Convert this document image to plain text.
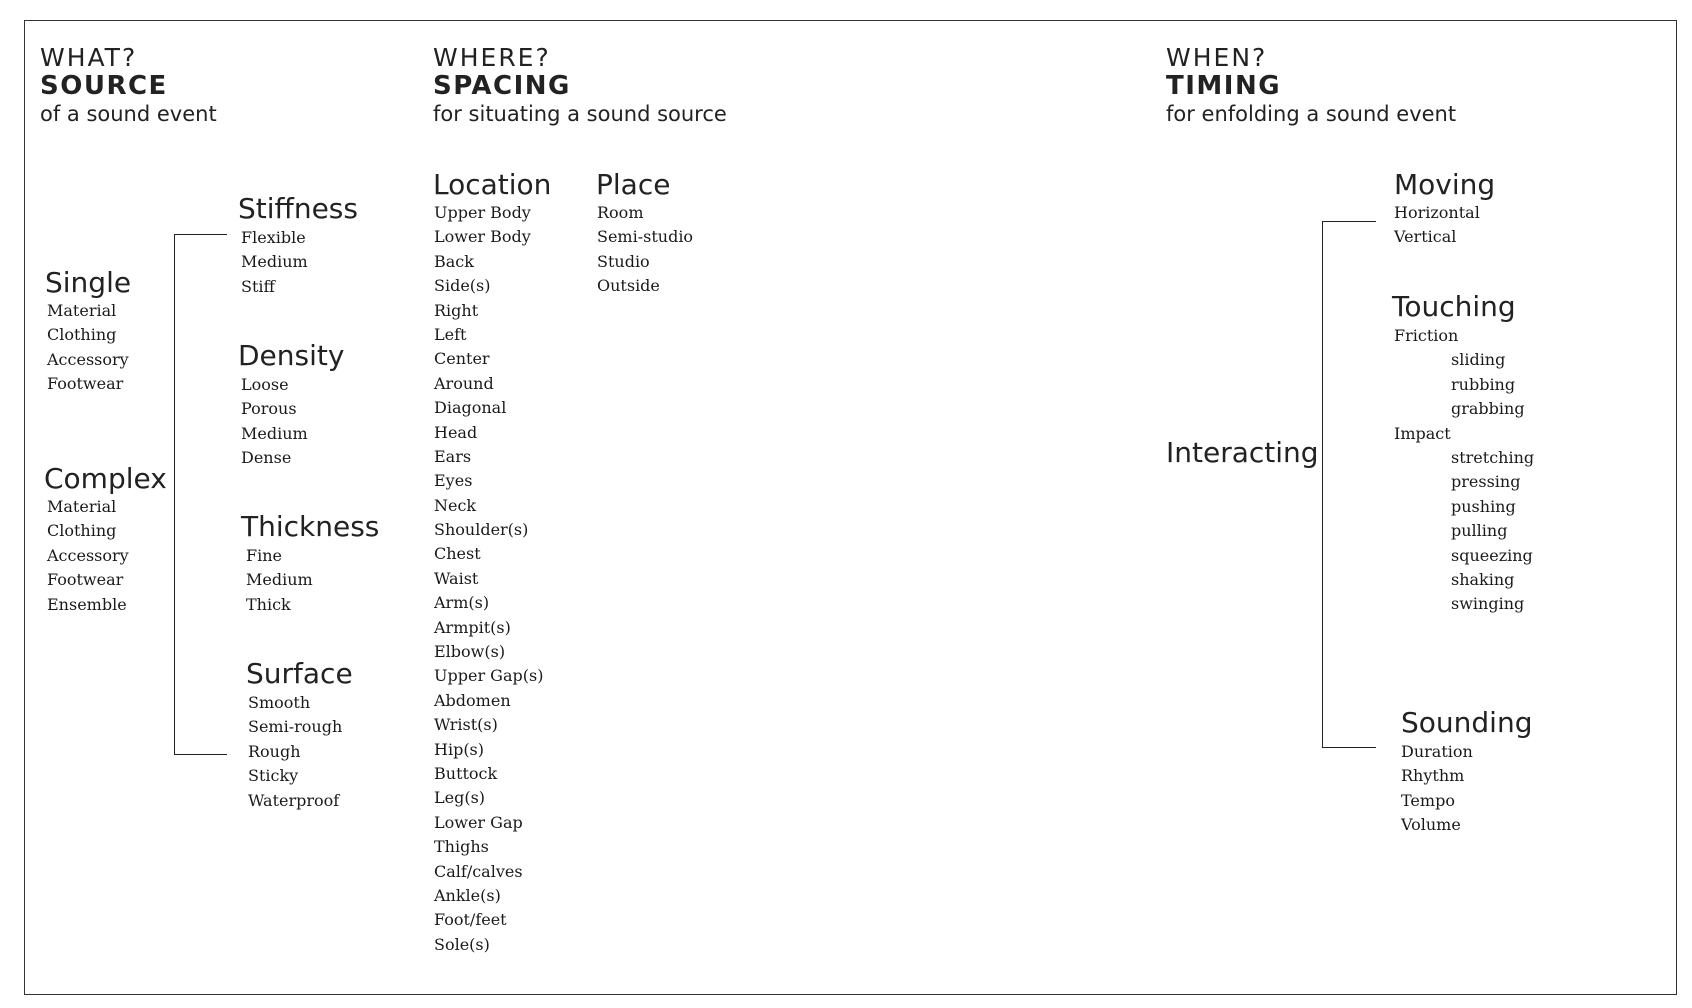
WHAT?
SOURCE
of a sound event
WHERE?
SPACING
for situating a sound source
WHEN?
TIMING
for enfolding a sound event
Single
Material
Clothing
Accessory
Footwear
Complex
Material
Clothing
Accessory
Footwear
Ensemble
Stiffness
Flexible
Medium
Stiff
Density
Loose
Porous
Medium
Dense
Thickness
Fine
Medium
Thick
Surface
Smooth
Semi-rough
Rough
Sticky
Waterproof
Location
Upper Body
Lower Body
Back
Side(s)
Right
Left
Center
Around
Diagonal
Head
Ears
Eyes
Neck
Shoulder(s)
Chest
Waist
Arm(s)
Armpit(s)
Elbow(s)
Upper Gap(s)
Abdomen
Wrist(s)
Hip(s)
Buttock
Leg(s)
Lower Gap
Thighs
Calf/calves
Ankle(s)
Foot/feet
Sole(s)
Place
Room
Semi-studio
Studio
Outside
Interacting
Moving
Horizontal
Vertical
Touching
Friction
sliding
rubbing
grabbing
Impact
stretching
pressing
pushing
pulling
squeezing
shaking
swinging
Sounding
Duration
Rhythm
Tempo
Volume
